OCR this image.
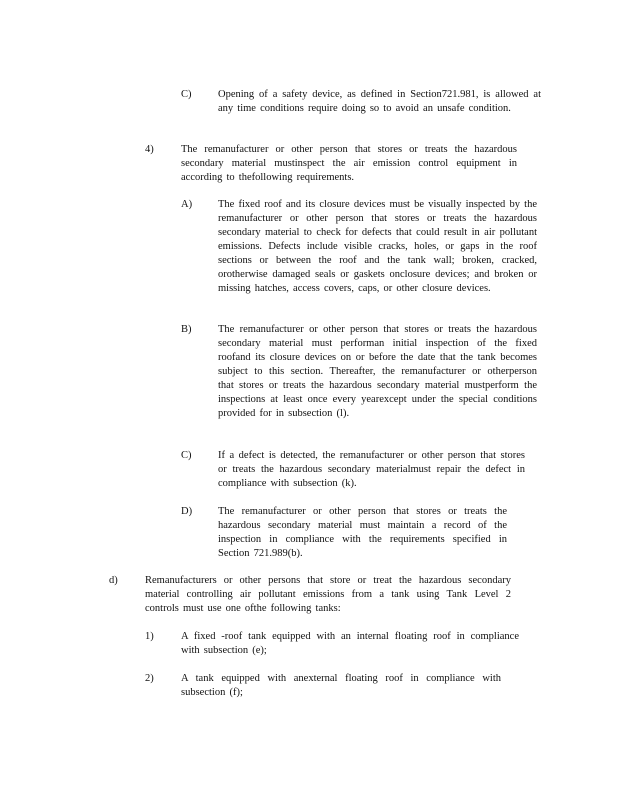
C)	Opening of a safety device, as defined in Section721.981, is allowed at any time conditions require doing so to avoid an unsafe condition.
4)	The remanufacturer or other person that stores or treats the hazardous secondary material mustinspect the air emission control equipment in according to thefollowing requirements.
A) The fixed roof and its closure devices must be visually inspected by the remanufacturer or other person that stores or treats the hazardous secondary material to check for defects that could result in air pollutant emissions. Defects include visible cracks, holes, or gaps in the roof sections or between the roof and the tank wall; broken, cracked, orotherwise damaged seals or gaskets onclosure devices; and broken or missing hatches, access covers, caps, or other closure devices.
B)	The remanufacturer or other person that stores or treats the hazardous secondary material must performan initial inspection of the fixed roofand its closure devices on or before the date that the tank becomes subject to this section. Thereafter, the remanufacturer or otherperson that stores or treats the hazardous secondary material mustperform the inspections at least once every yearexcept under the special conditions provided for in subsection (l).
C)	If a defect is detected, the remanufacturer or other person that stores or treats the hazardous secondary materialmust repair the defect in compliance with subsection (k).
D) The remanufacturer or other person that stores or treats the hazardous secondary material must maintain a record of the inspection in compliance with the requirements specified in Section 721.989(b).
d)	Remanufacturers or other persons that store or treat the hazardous secondary material controlling air pollutant emissions from a tank using Tank Level 2 controls must use one ofthe following tanks:
1)	A fixed -roof tank equipped with an internal floating roof in compliance with subsection (e);
2)	A tank equipped with anexternal floating roof in compliance with subsection (f);
